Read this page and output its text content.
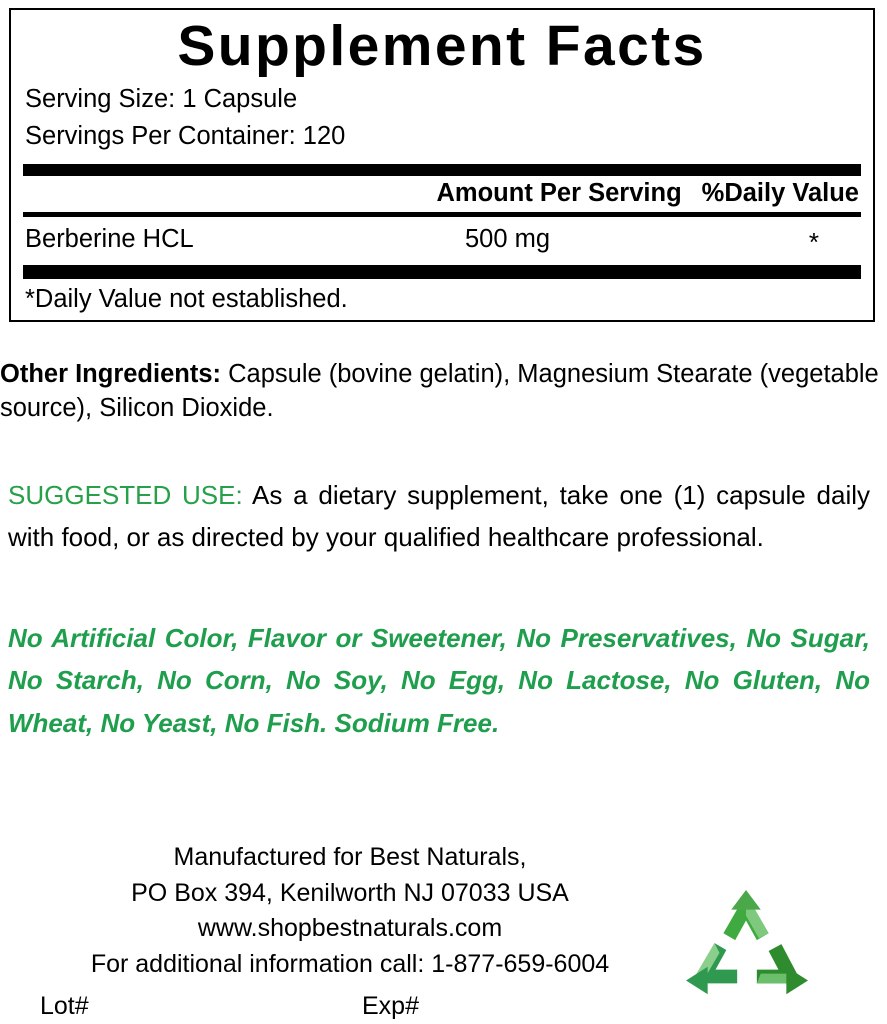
Supplement Facts
Serving Size: 1 Capsule
Servings Per Container: 120
Amount Per Serving %Daily Value
Berberine HCL	500 mg	*
*Daily Value not established.
Other Ingredients: Capsule (bovine gelatin), Magnesium Stearate (vegetable source), Silicon Dioxide.
SUGGESTED USE: As a dietary supplement, take one (1) capsule daily with food, or as directed by your qualified healthcare professional.
No Artificial Color, Flavor or Sweetener, No Preservatives, No Sugar, No Starch, No Corn, No Soy, No Egg, No Lactose, No Gluten, No Wheat, No Yeast, No Fish. Sodium Free.
Manufactured for Best Naturals,
PO Box 394, Kenilworth NJ 07033 USA
www.shopbestnaturals.com
For additional information call: 1-877-659-6004
Lot#	Exp#
